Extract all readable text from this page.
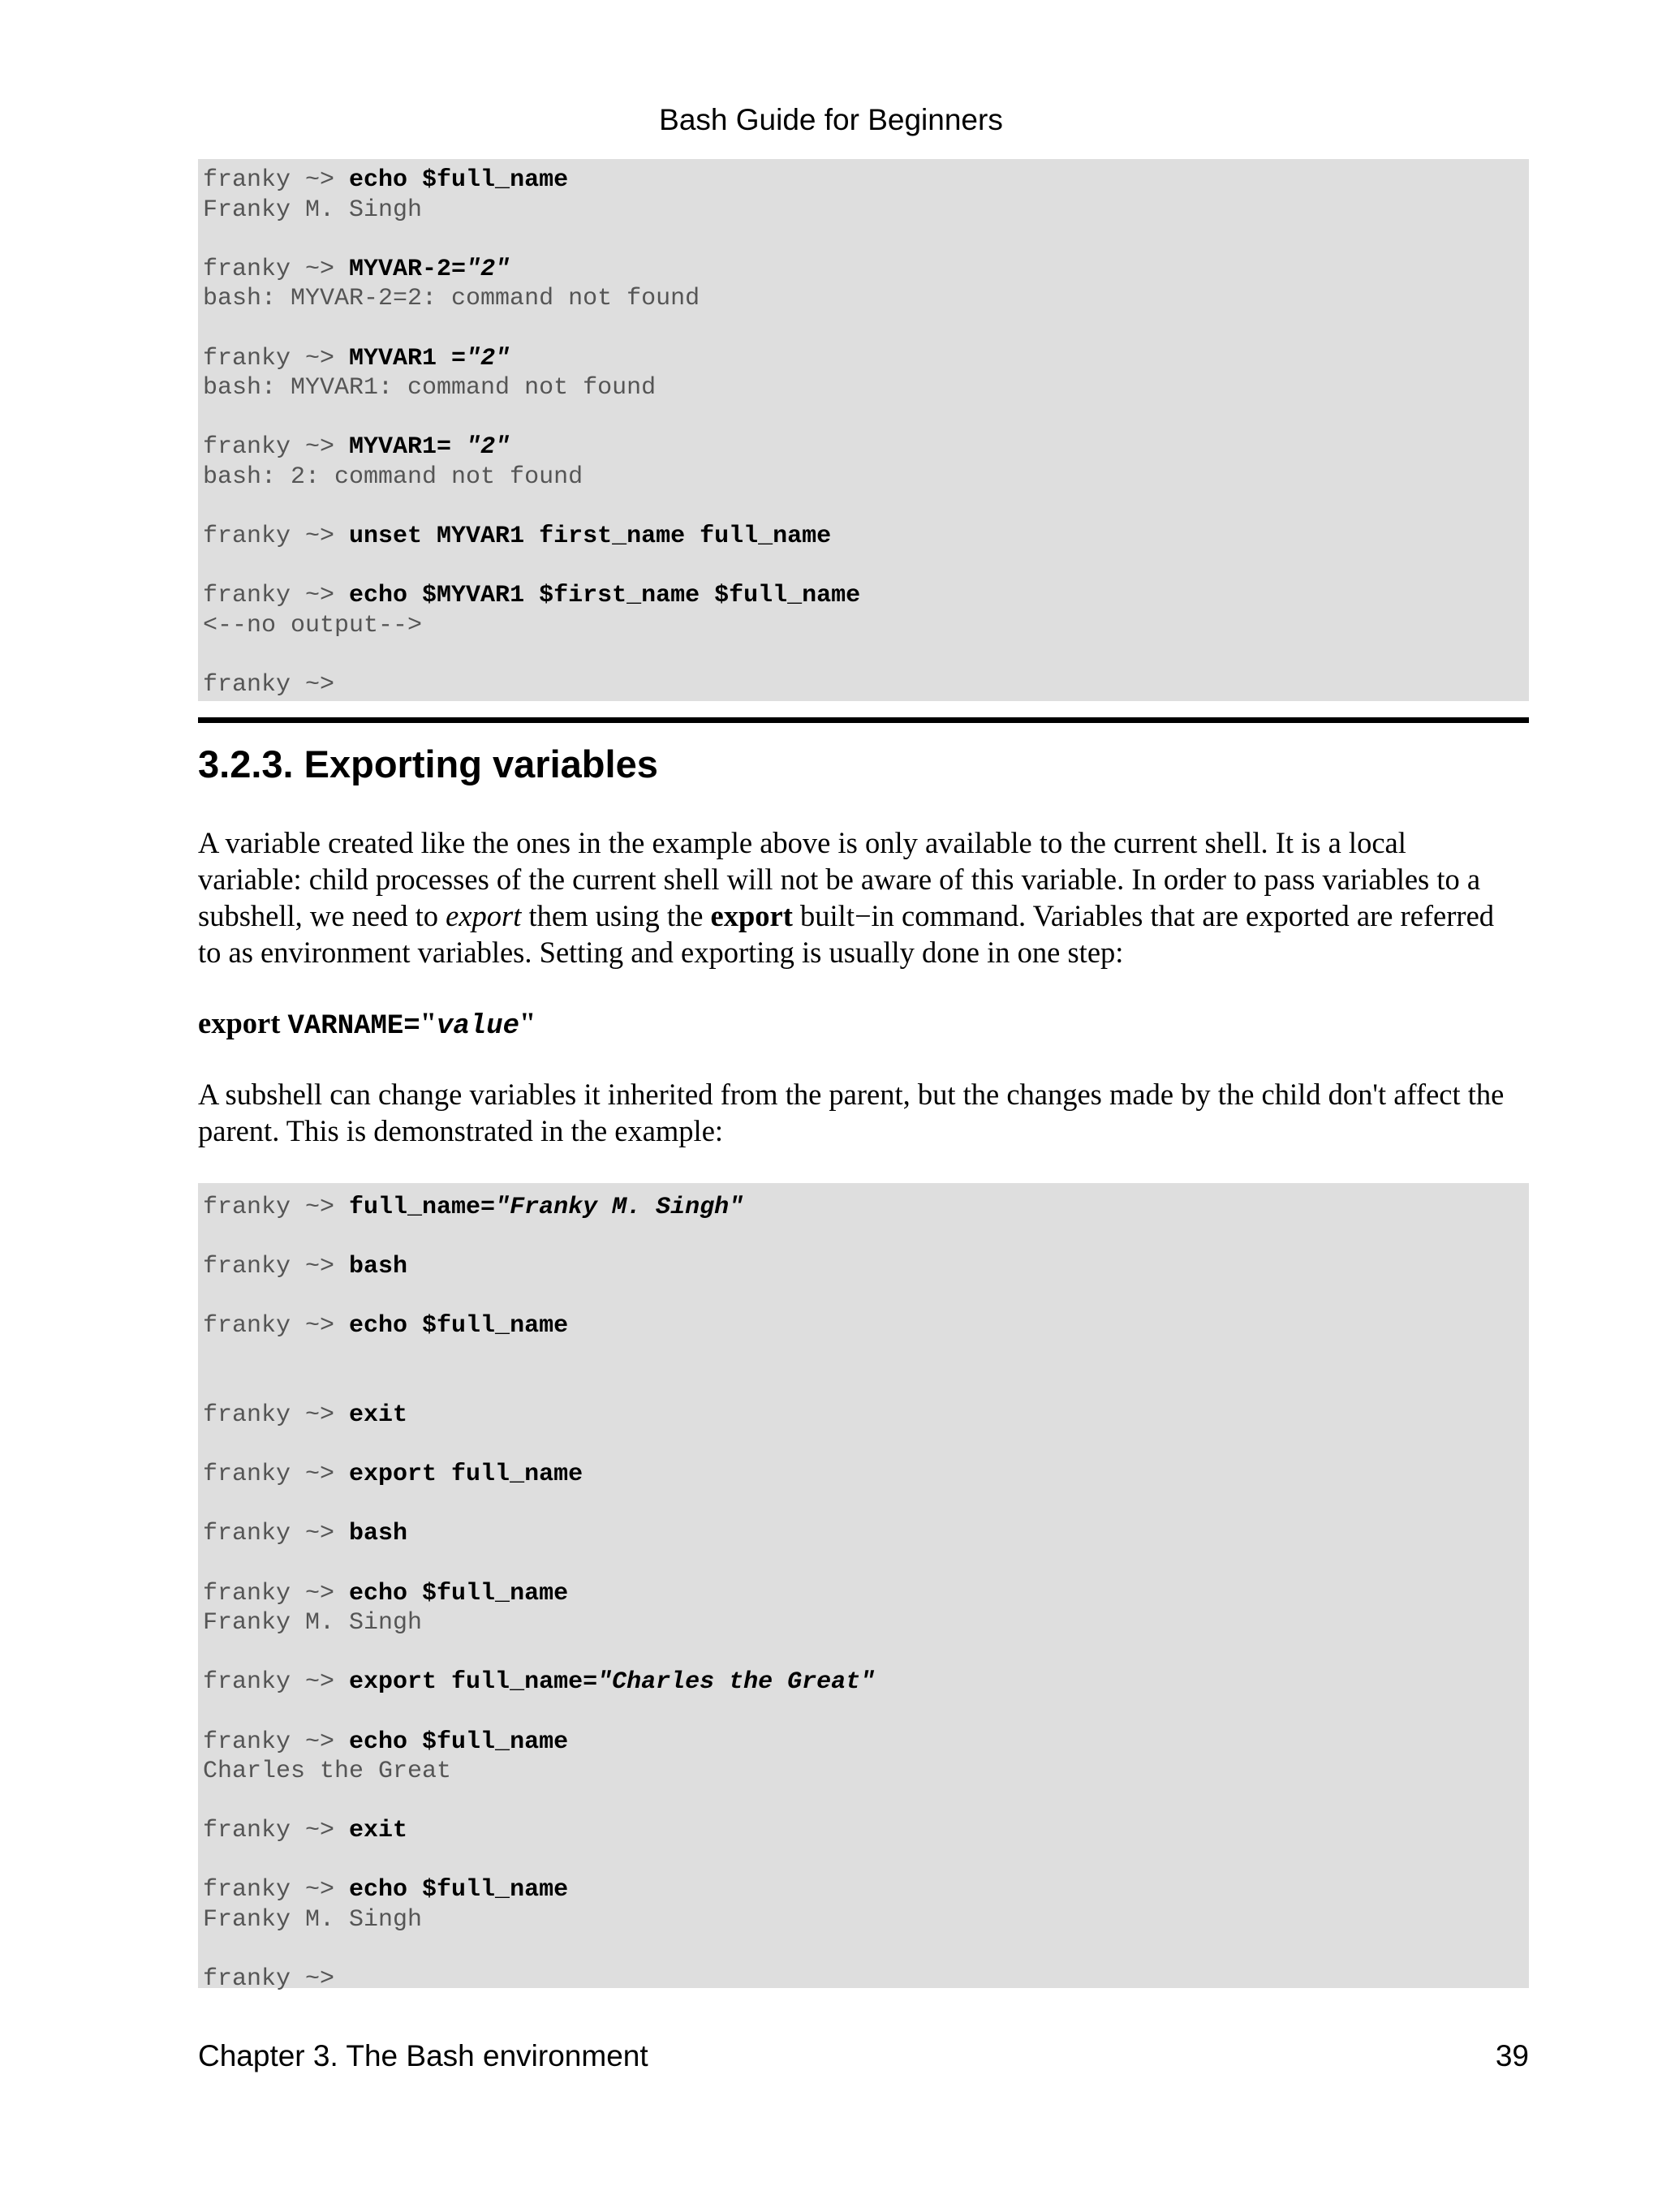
Bash Guide for Beginners
franky ~> echo $full_name
Franky M. Singh
franky ~> MYVAR-2="2"
bash: MYVAR-2=2: command not found
franky ~> MYVAR1 ="2"
bash: MYVAR1: command not found
franky ~> MYVAR1= "2"
bash: 2: command not found
franky ~> unset MYVAR1 first_name full_name
franky ~> echo $MYVAR1 $first_name $full_name
<--no output-->
franky ~>
3.2.3. Exporting variables

A variable created like the ones in the example above is only available to the current shell. It is a local
variable: child processes of the current shell will not be aware of this variable. In order to pass variables to a
subshell, we need to export them using the export built−in command. Variables that are exported are referred
to as environment variables. Setting and exporting is usually done in one step:

export VARNAME="value"

A subshell can change variables it inherited from the parent, but the changes made by the child don't affect the
parent. This is demonstrated in the example:

franky ~> full_name="Franky M. Singh"
franky ~> bash
franky ~> echo $full_name
franky ~> exit
franky ~> export full_name
franky ~> bash
franky ~> echo $full_name
Franky M. Singh
franky ~> export full_name="Charles the Great"
franky ~> echo $full_name
Charles the Great
franky ~> exit
franky ~> echo $full_name
Franky M. Singh
franky ~>
Chapter 3. The Bash environment	39
